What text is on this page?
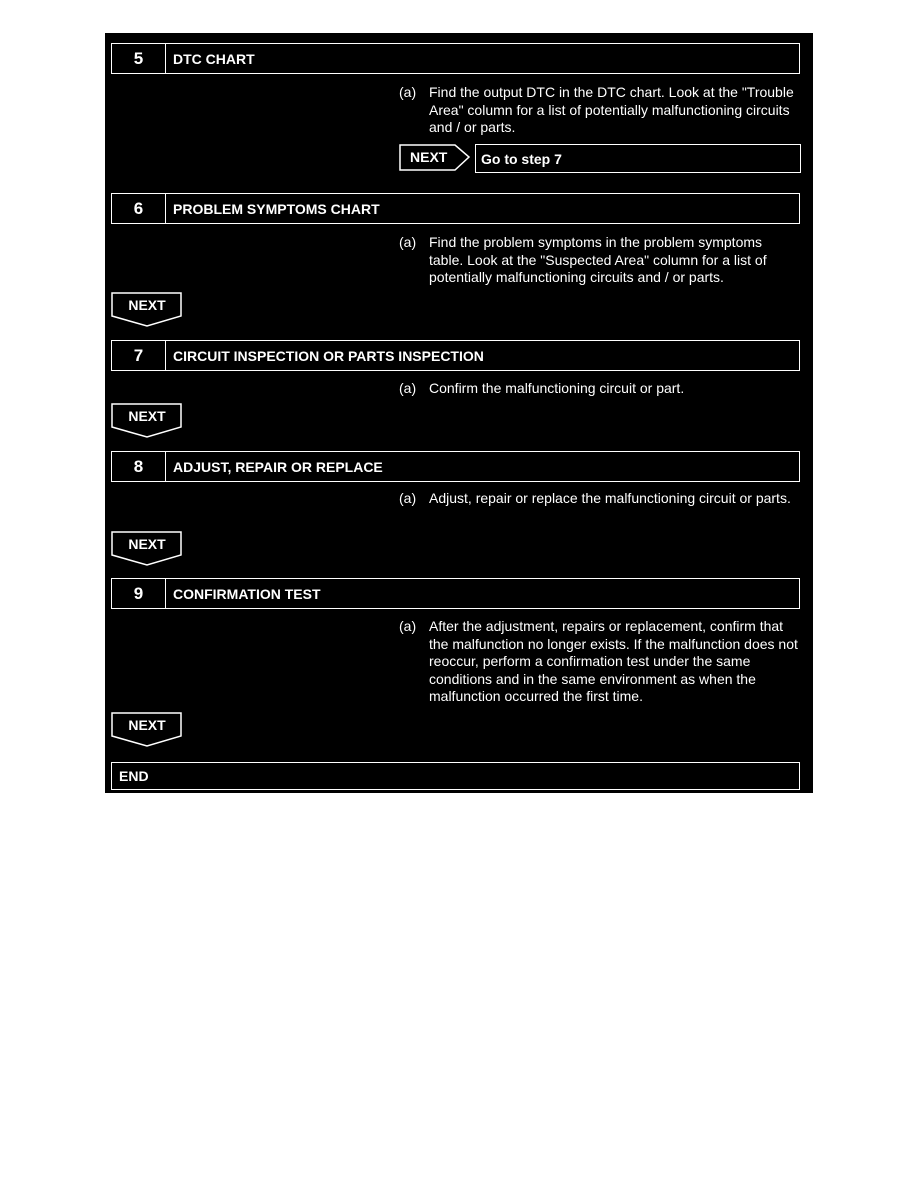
5	DTC CHART
(a) Find the output DTC in the DTC chart. Look at the "Trouble Area" column for a list of potentially malfunctioning circuits and / or parts.
NEXT	Go to step 7
6	PROBLEM SYMPTOMS CHART
(a) Find the problem symptoms in the problem symptoms table. Look at the "Suspected Area" column for a list of potentially malfunctioning circuits and / or parts.
NEXT
7	CIRCUIT INSPECTION OR PARTS INSPECTION
(a) Confirm the malfunctioning circuit or part.
NEXT
8	ADJUST, REPAIR OR REPLACE
(a) Adjust, repair or replace the malfunctioning circuit or parts.
NEXT
9	CONFIRMATION TEST
(a) After the adjustment, repairs or replacement, confirm that the malfunction no longer exists. If the malfunction does not reoccur, perform a confirmation test under the same conditions and in the same environment as when the malfunction occurred the first time.
NEXT
END
